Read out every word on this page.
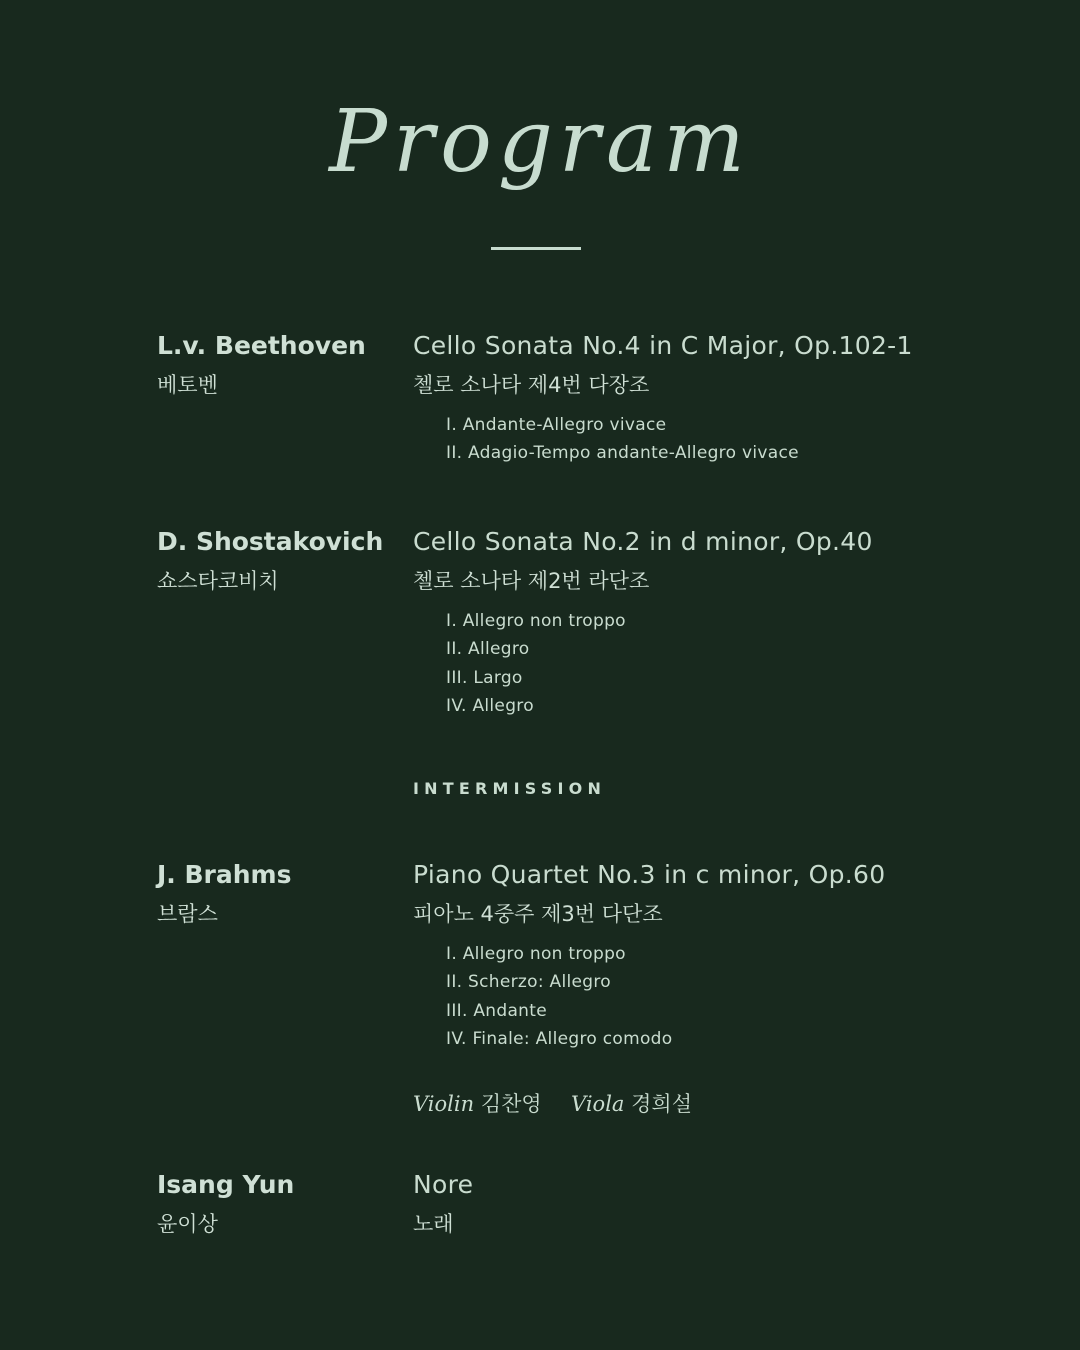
Program
L.v. Beethoven
베토벤
Cello Sonata No.4 in C Major, Op.102-1
첼로 소나타 제4번 다장조
I. Andante-Allegro vivace
II. Adagio-Tempo andante-Allegro vivace
D. Shostakovich
쇼스타코비치
Cello Sonata No.2 in d minor, Op.40
첼로 소나타 제2번 라단조
I. Allegro non troppo
II. Allegro
III. Largo
IV. Allegro
INTERMISSION
J. Brahms
브람스
Piano Quartet No.3 in c minor, Op.60
피아노 4중주 제3번 다단조
I. Allegro non troppo
II. Scherzo: Allegro
III. Andante
IV. Finale: Allegro comodo
Violin 김찬영 Viola 경희설
Isang Yun
윤이상
Nore
노래
